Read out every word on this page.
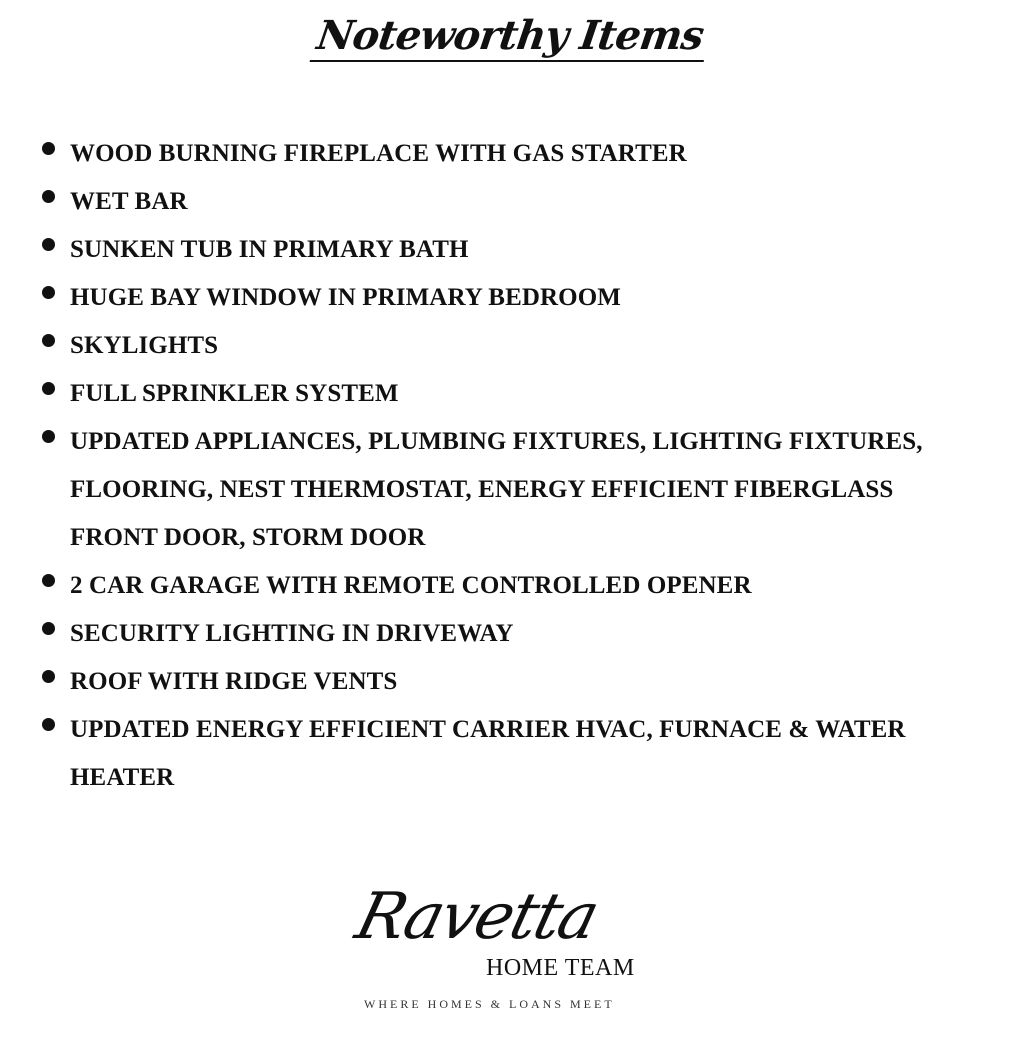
Noteworthy Items
WOOD BURNING FIREPLACE WITH GAS STARTER
WET BAR
SUNKEN TUB IN PRIMARY BATH
HUGE BAY WINDOW IN PRIMARY BEDROOM
SKYLIGHTS
FULL SPRINKLER SYSTEM
UPDATED APPLIANCES, PLUMBING FIXTURES, LIGHTING FIXTURES, FLOORING, NEST THERMOSTAT, ENERGY EFFICIENT FIBERGLASS FRONT DOOR, STORM DOOR
2 CAR GARAGE WITH REMOTE CONTROLLED OPENER
SECURITY LIGHTING IN DRIVEWAY
ROOF WITH RIDGE VENTS
UPDATED ENERGY EFFICIENT CARRIER HVAC, FURNACE & WATER HEATER
Ravetta
HOME TEAM
WHERE HOMES & LOANS MEET
